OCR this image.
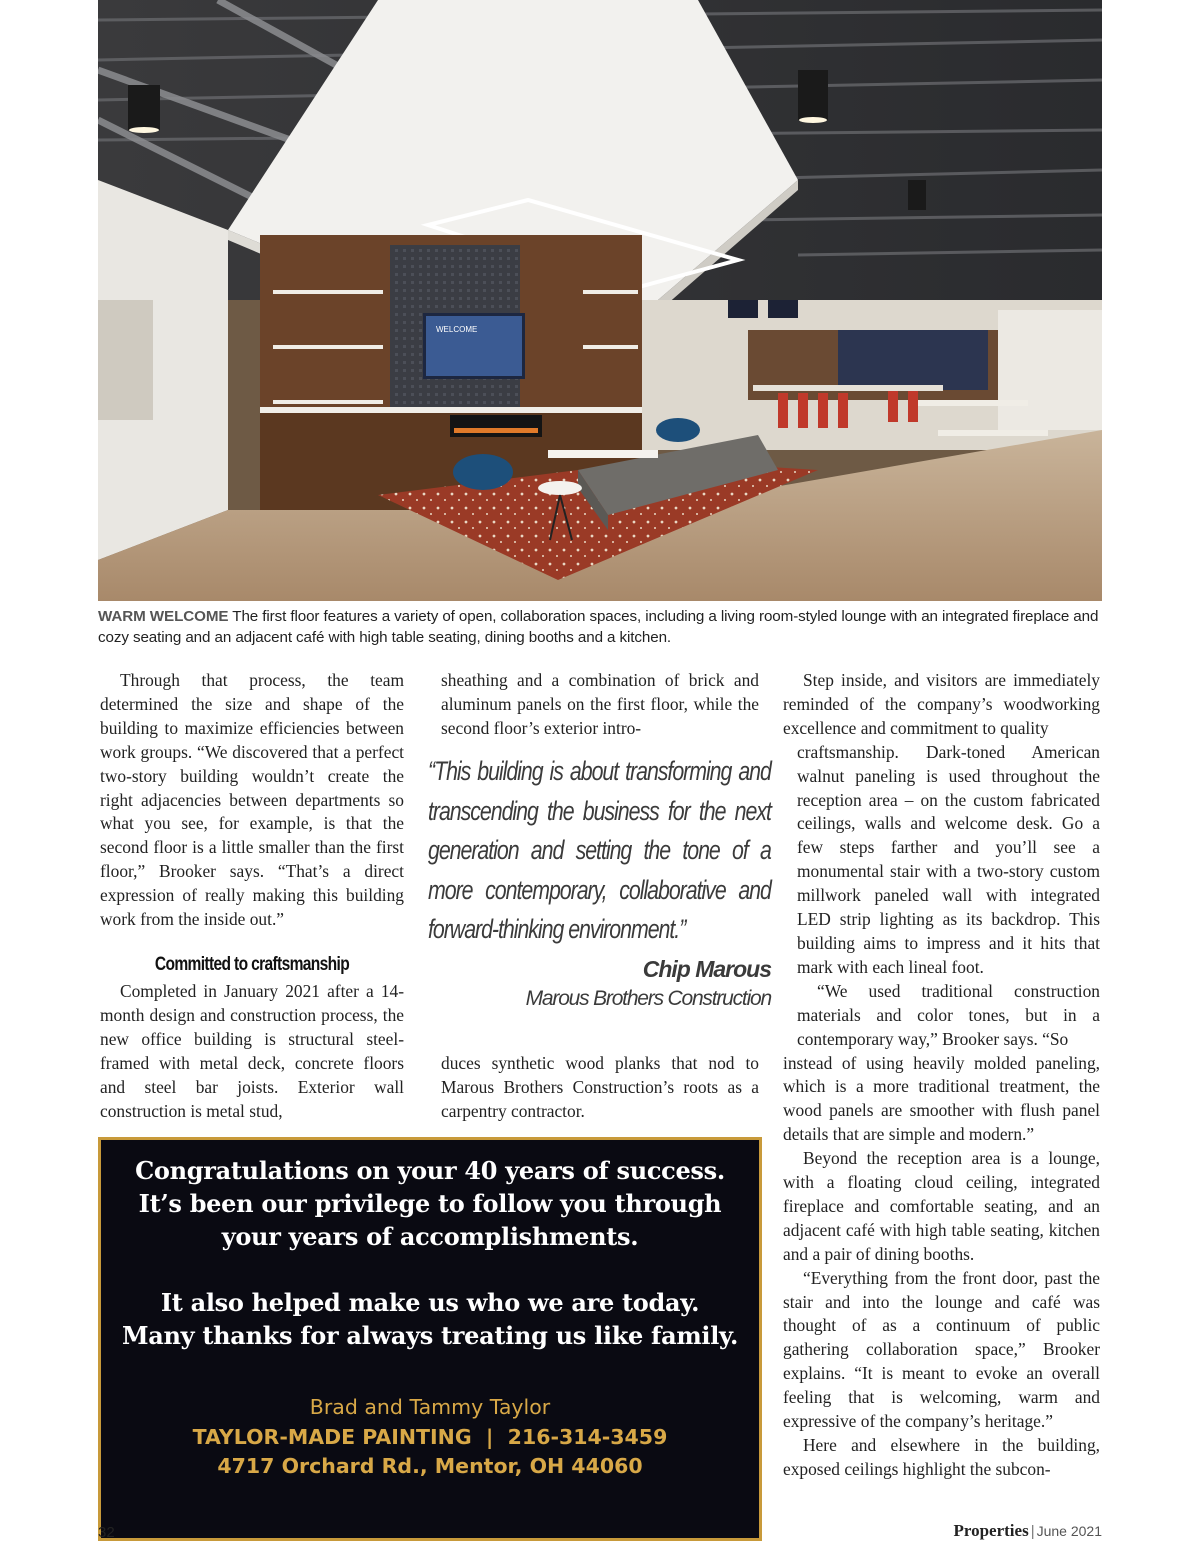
WELCOME
WARM WELCOME The first floor features a variety of open, collaboration spaces, including a living room-styled lounge with an integrated fireplace and cozy seating and an adjacent café with high table seating, dining booths and a kitchen.

Through that process, the team determined the size and shape of the building to maximize efficiencies between work groups. “We discovered that a perfect two-story building wouldn’t create the right adjacencies between departments so what you see, for example, is that the second floor is a little smaller than the first floor,” Brooker says. “That’s a direct expression of really making this building work from the inside out.”

Committed to craftsmanship

Completed in January 2021 after a 14-month design and construction process, the new office building is structural steel-framed with metal deck, concrete floors and steel bar joists. Exterior wall construction is metal stud,

sheathing and a combination of brick and aluminum panels on the first floor, while the second floor’s exterior intro-

“This building is about transforming and transcending the business for the next generation and setting the tone of a more contemporary, collaborative and forward-thinking environment.”
Chip Marous
Marous Brothers Construction

duces synthetic wood planks that nod to Marous Brothers Construction’s roots as a carpentry contractor.

Step inside, and visitors are immediately reminded of the company’s woodworking excellence and commitment to quality

craftsmanship. Dark-toned American walnut paneling is used throughout the reception area – on the custom fabricated ceilings, walls and welcome desk. Go a few steps farther and you’ll see a monumental stair with a two-story custom millwork paneled wall with integrated LED strip lighting as its backdrop. This building aims to impress and it hits that mark with each lineal foot.

“We used traditional construction materials and color tones, but in a contemporary way,” Brooker says. “So

instead of using heavily molded paneling, which is a more traditional treatment, the wood panels are smoother with flush panel details that are simple and modern.”

Beyond the reception area is a lounge, with a floating cloud ceiling, integrated fireplace and comfortable seating, and an adjacent café with high table seating, kitchen and a pair of dining booths.

“Everything from the front door, past the stair and into the lounge and café was thought of as a continuum of public gathering collaboration space,” Brooker explains. “It is meant to evoke an overall feeling that is welcoming, warm and expressive of the company’s heritage.”

Here and elsewhere in the building, exposed ceilings highlight the subcon-

Congratulations on your 40 years of success.
It’s been our privilege to follow you through
your years of accomplishments.
It also helped make us who we are today.
Many thanks for always treating us like family.
Brad and Tammy Taylor
TAYLOR-MADE PAINTING  |  216-314-3459
4717 Orchard Rd., Mentor, OH 44060
32	Properties | June 2021
